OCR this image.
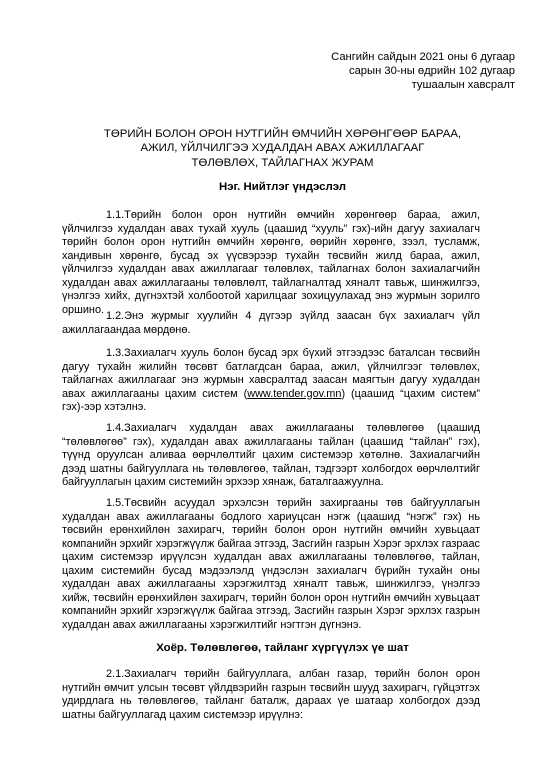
Сангийн сайдын 2021 оны 6 дугаар
сарын 30-ны өдрийн 102 дугаар
тушаалын хавсралт
ТӨРИЙН БОЛОН ОРОН НУТГИЙН ӨМЧИЙН ХӨРӨНГӨӨР БАРАА,
АЖИЛ, ҮЙЛЧИЛГЭЭ ХУДАЛДАН АВАХ АЖИЛЛАГААГ
ТӨЛӨВЛӨХ, ТАЙЛАГНАХ ЖУРАМ
Нэг. Нийтлэг үндэслэл

1.1.Төрийн болон орон нутгийн өмчийн хөрөнгөөр бараа, ажил, үйлчилгээ худалдан авах тухай хууль (цаашид “хууль” гэх)-ийн дагуу захиалагч төрийн болон орон нутгийн өмчийн хөрөнгө, өөрийн хөрөнгө, зээл, тусламж, хандивын хөрөнгө, бусад эх үүсвэрээр тухайн төсвийн жилд бараа, ажил, үйлчилгээ худалдан авах ажиллагааг төлөвлөх, тайлагнах болон захиалагчийн худалдан авах ажиллагааны төлөвлөлт, тайлагналтад хяналт тавьж, шинжилгээ, үнэлгээ хийх, дүгнэхтэй холбоотой харилцааг зохицуулахад энэ журмын зорилго оршино.

1.2.Энэ журмыг хуулийн 4 дүгээр зүйлд заасан бүх захиалагч үйл ажиллагаандаа мөрдөнө.

1.3.Захиалагч хууль болон бусад эрх бүхий этгээдээс баталсан төсвийн дагуу тухайн жилийн төсөвт батлагдсан бараа, ажил, үйлчилгээг төлөвлөх, тайлагнах ажиллагааг энэ журмын хавсралтад заасан маягтын дагуу худалдан авах ажиллагааны цахим систем (www.tender.gov.mn) (цаашид “цахим систем” гэх)-ээр хэтэлнэ.

1.4.Захиалагч худалдан авах ажиллагааны төлөвлөгөө (цаашид “төлөвлөгөө” гэх), худалдан авах ажиллагааны тайлан (цаашид “тайлан” гэх), түүнд оруулсан аливаа өөрчлөлтийг цахим системээр хөтөлнө. Захиалагчийн дээд шатны байгууллага нь төлөвлөгөө, тайлан, тэдгээрт холбогдох өөрчлөлтийг байгууллагын цахим системийн эрхээр хянаж, баталгаажуулна.

1.5.Төсвийн асуудал эрхэлсэн төрийн захиргааны төв байгууллагын худалдан авах ажиллагааны бодлого хариуцсан нэгж (цаашид “нэгж” гэх) нь төсвийн ерөнхийлөн захирагч, төрийн болон орон нутгийн өмчийн хувьцаат компанийн эрхийг хэрэгжүүлж байгаа этгээд, Засгийн газрын Хэрэг эрхлэх газраас цахим системээр ирүүлсэн худалдан авах ажиллагааны төлөвлөгөө, тайлан, цахим системийн бусад мэдээлэлд үндэслэн захиалагч бүрийн тухайн оны худалдан авах ажиллагааны хэрэгжилтэд хяналт тавьж, шинжилгээ, үнэлгээ хийж, төсвийн ерөнхийлөн захирагч, төрийн болон орон нутгийн өмчийн хувьцаат компанийн эрхийг хэрэгжүүлж байгаа этгээд, Засгийн газрын Хэрэг эрхлэх газрын худалдан авах ажиллагааны хэрэгжилтийг нэгтгэн дүгнэнэ.

Хоёр. Төлөвлөгөө, тайланг хүргүүлэх үе шат

2.1.Захиалагч төрийн байгууллага, албан газар, төрийн болон орон нутгийн өмчит улсын төсөвт үйлдвэрийн газрын төсвийн шууд захирагч, гүйцэтгэх удирдлага нь төлөвлөгөө, тайланг баталж, дараах үе шатаар холбогдох дээд шатны байгууллагад цахим системээр ирүүлнэ:
